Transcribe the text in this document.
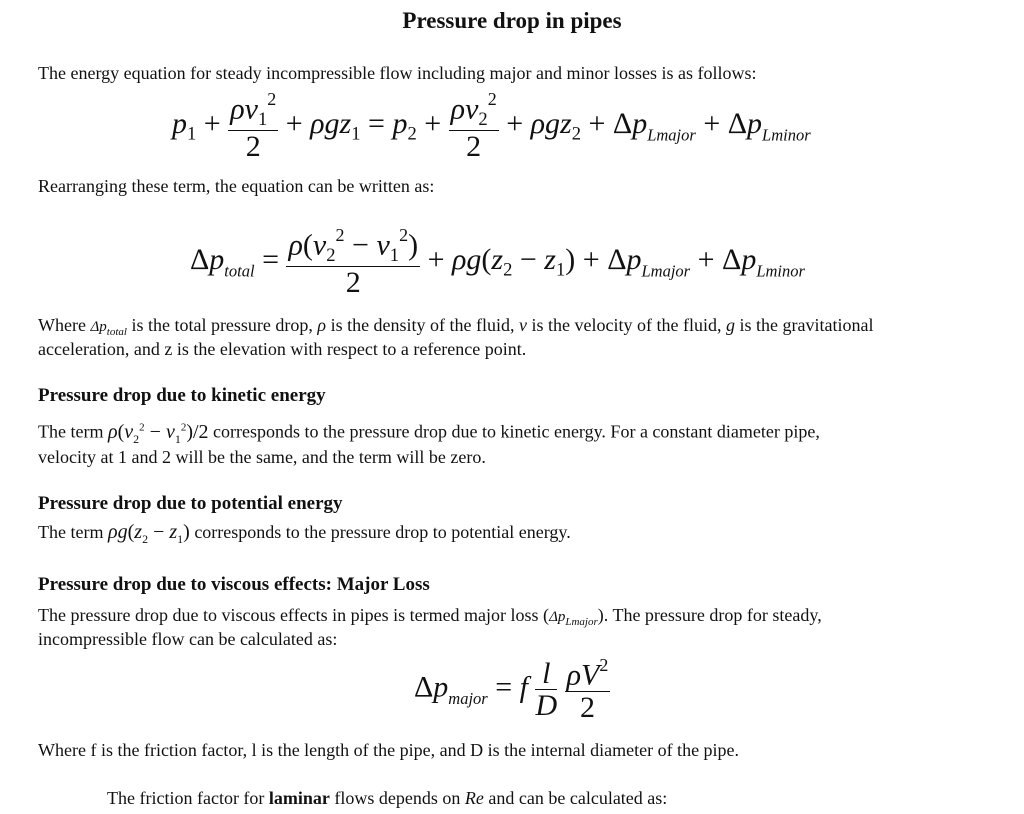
Pressure drop in pipes
The energy equation for steady incompressible flow including major and minor losses is as follows:
$p_1 + \frac{\rho v_1^2}{2} + \rho gz_1 = p_2 + \frac{\rho v_2^2}{2} + \rho gz_2 + \Delta p_{Lmajor} + \Delta p_{Lminor}$
Rearranging these term, the equation can be written as:
$\Delta p_{total} = \frac{\rho(v_2^2 - v_1^2)}{2} + \rho g(z_2 - z_1) + \Delta p_{Lmajor} + \Delta p_{Lminor}$
Where $\Delta p_{total}$ is the total pressure drop, ρ is the density of the fluid, v is the velocity of the fluid, g is the gravitational
acceleration, and z is the elevation with respect to a reference point.
Pressure drop due to kinetic energy
The term $\rho(v_2^2 - v_1^2)/2$ corresponds to the pressure drop due to kinetic energy. For a constant diameter pipe,
velocity at 1 and 2 will be the same, and the term will be zero.
Pressure drop due to potential energy
The term $\rho g(z_2 - z_1)$ corresponds to the pressure drop to potential energy.
Pressure drop due to viscous effects: Major Loss
The pressure drop due to viscous effects in pipes is termed major loss $(\Delta p_{Lmajor})$. The pressure drop for steady,
incompressible flow can be calculated as:
$\Delta p_{major} = f \frac{l}{D}$
$\frac{\rho V^2}{2}$
Where f is the friction factor, l is the length of the pipe, and D is the internal diameter of the pipe.
The friction factor for laminar flows depends on Re and can be calculated as:
